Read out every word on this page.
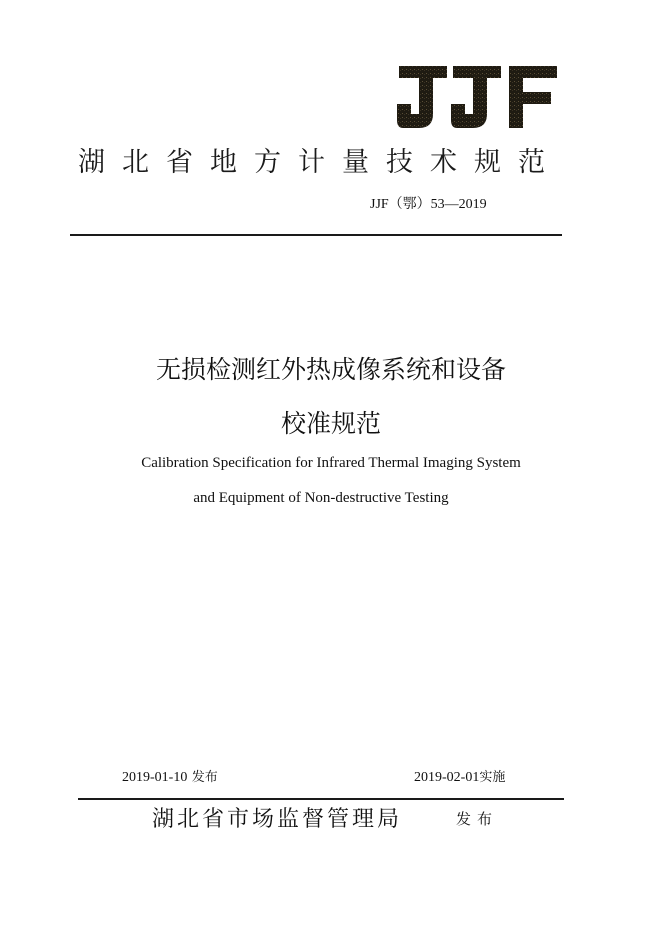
湖北省地方计量技术规范
JJF（鄂）53—2019
无损检测红外热成像系统和设备
校准规范
Calibration Specification for Infrared Thermal Imaging System
and Equipment of Non-destructive Testing
2019-01-10 发布	2019-02-01实施
湖北省市场监督管理局	发布
